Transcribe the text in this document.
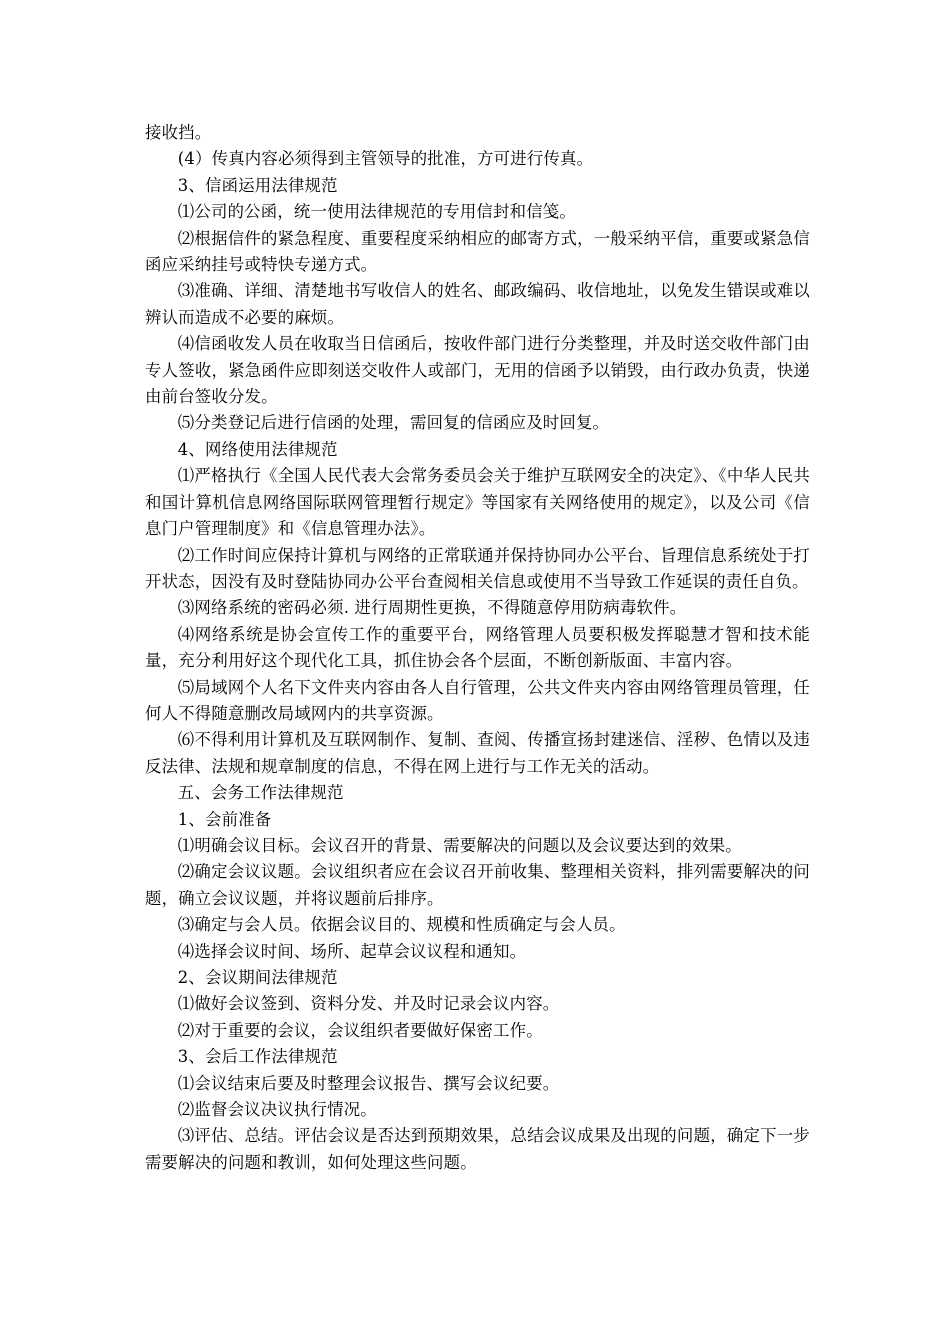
接收挡。

(4）传真内容必须得到主管领导的批准，方可进行传真。

3、信函运用法律规范

⑴公司的公函，统一使用法律规范的专用信封和信笺。

⑵根据信件的紧急程度、重要程度采纳相应的邮寄方式，一般采纳平信，重要或紧急信函应采纳挂号或特快专递方式。

⑶准确、详细、清楚地书写收信人的姓名、邮政编码、收信地址，以免发生错误或难以辨认而造成不必要的麻烦。

⑷信函收发人员在收取当日信函后，按收件部门进行分类整理，并及时送交收件部门由专人签收，紧急函件应即刻送交收件人或部门，无用的信函予以销毁，由行政办负责，快递由前台签收分发。

⑸分类登记后进行信函的处理，需回复的信函应及时回复。

4、网络使用法律规范

⑴严格执行《全国人民代表大会常务委员会关于维护互联网安全的决定》、《中华人民共和国计算机信息网络国际联网管理暂行规定》等国家有关网络使用的规定》，以及公司《信息门户管理制度》和《信息管理办法》。

⑵工作时间应保持计算机与网络的正常联通并保持协同办公平台、旨理信息系统处于打开状态，因没有及时登陆协同办公平台查阅相关信息或使用不当导致工作延误的责任自负。

⑶网络系统的密码必须. 进行周期性更换，不得随意停用防病毒软件。

⑷网络系统是协会宣传工作的重要平台，网络管理人员要积极发挥聪慧才智和技术能量，充分利用好这个现代化工具，抓住协会各个层面，不断创新版面、丰富内容。

⑸局域网个人名下文件夹内容由各人自行管理，公共文件夹内容由网络管理员管理，任何人不得随意删改局域网内的共享资源。

⑹不得利用计算机及互联网制作、复制、查阅、传播宣扬封建迷信、淫秽、色情以及违反法律、法规和规章制度的信息，不得在网上进行与工作无关的活动。

五、会务工作法律规范

1、会前准备

⑴明确会议目标。会议召开的背景、需要解决的问题以及会议要达到的效果。

⑵确定会议议题。会议组织者应在会议召开前收集、整理相关资料，排列需要解决的问题，确立会议议题，并将议题前后排序。

⑶确定与会人员。依据会议目的、规模和性质确定与会人员。

⑷选择会议时间、场所、起草会议议程和通知。

2、会议期间法律规范

⑴做好会议签到、资料分发、并及时记录会议内容。

⑵对于重要的会议，会议组织者要做好保密工作。

3、会后工作法律规范

⑴会议结束后要及时整理会议报告、撰写会议纪要。

⑵监督会议决议执行情况。

⑶评估、总结。评估会议是否达到预期效果，总结会议成果及出现的问题，确定下一步需要解决的问题和教训，如何处理这些问题。
